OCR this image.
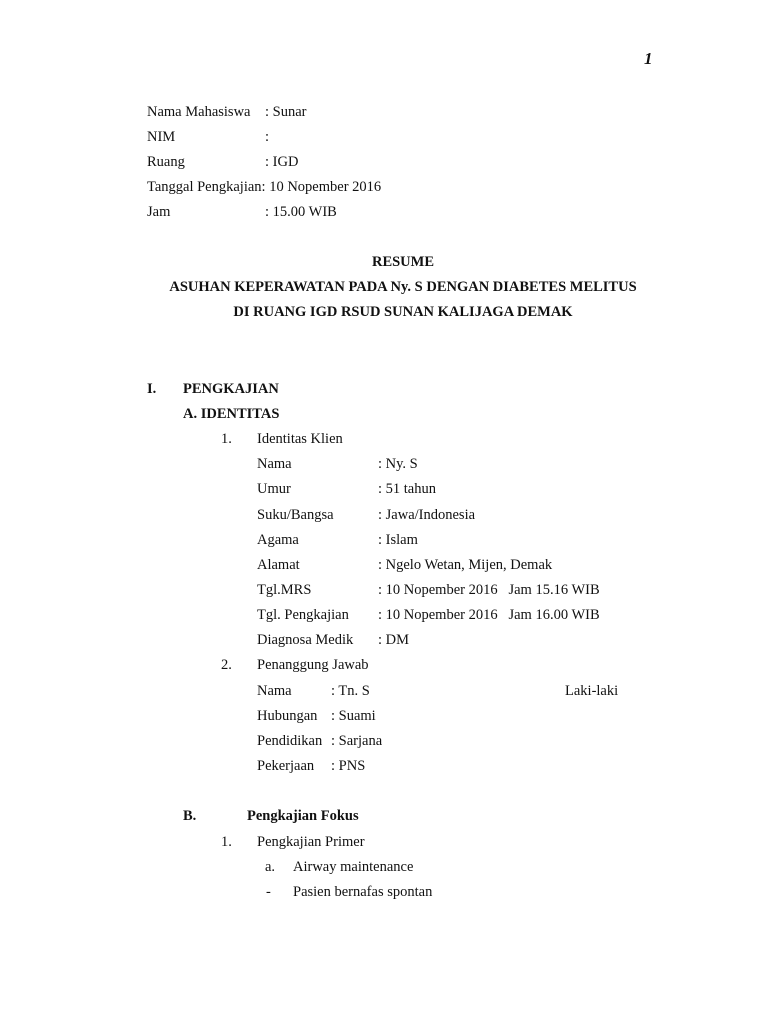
1
Nama Mahasiswa : Sunar
NIM	:
Ruang	: IGD
Tanggal Pengkajian: 10 Nopember 2016
Jam	: 15.00 WIB
RESUME
ASUHAN KEPERAWATAN PADA Ny. S DENGAN DIABETES MELITUS
DI RUANG IGD RSUD SUNAN KALIJAGA DEMAK
I. PENGKAJIAN
A. IDENTITAS
1. Identitas Klien
Nama	: Ny. S
Umur	: 51 tahun
Suku/Bangsa	: Jawa/Indonesia
Agama	: Islam
Alamat	: Ngelo Wetan, Mijen, Demak
Tgl.MRS	: 10 Nopember 2016   Jam 15.16 WIB
Tgl. Pengkajian : 10 Nopember 2016   Jam 16.00 WIB
Diagnosa Medik : DM
2. Penanggung Jawab
Nama	: Tn. S	Laki-laki
Hubungan : Suami
Pendidikan : Sarjana
Pekerjaan : PNS
B.	Pengkajian Fokus
1. Pengkajian Primer
a. Airway maintenance
- Pasien bernafas spontan
